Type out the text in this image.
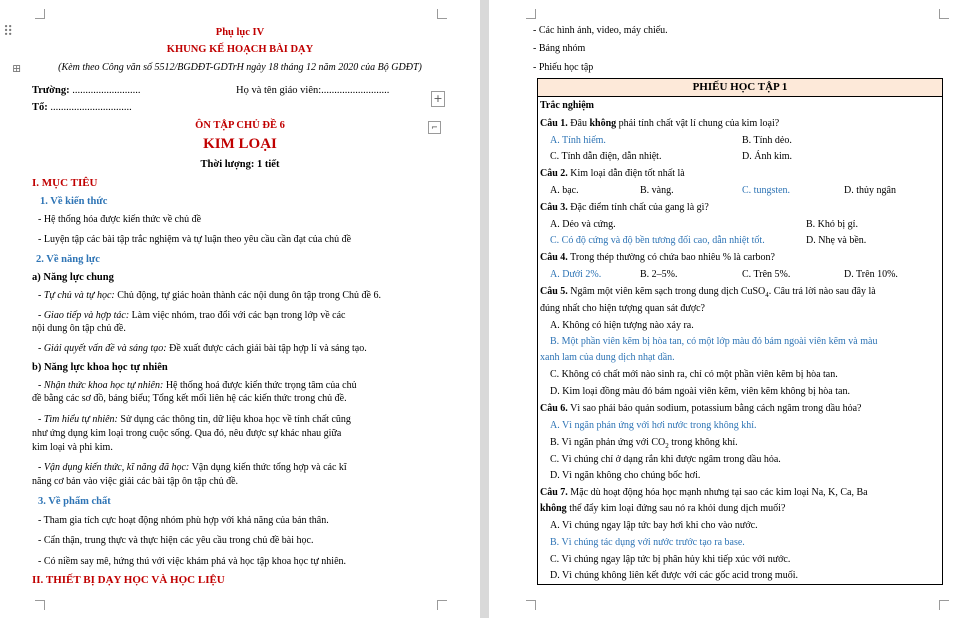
⠿
⊞
+
⌐
Phụ lục IV
KHUNG KẾ HOẠCH BÀI DẠY
(Kèm theo Công văn số 5512/BGDĐT-GDTrH ngày 18 tháng 12 năm 2020 của Bộ GDĐT)
Trường: ..........................	Họ và tên giáo viên:..........................
Tổ: ...............................
ÔN TẬP CHỦ ĐỀ 6
KIM LOẠI
Thời lượng: 1 tiết
I. MỤC TIÊU
1. Về kiến thức
- Hệ thống hóa được kiến thức về chủ đề
- Luyện tập các bài tập trắc nghiệm và tự luận theo yêu cầu cần đạt của chủ đề
2. Về năng lực
a) Năng lực chung
- Tự chủ và tự học: Chủ động, tự giác hoàn thành các nội dung ôn tập trong Chủ đề 6.
- Giao tiếp và hợp tác: Làm việc nhóm, trao đổi với các bạn trong lớp về các
nội dung ôn tập chủ đề.
- Giải quyết vấn đề và sáng tạo: Đề xuất được cách giải bài tập hợp lí và sáng tạo.
b) Năng lực khoa học tự nhiên
- Nhận thức khoa học tự nhiên: Hệ thống hoá được kiến thức trọng tâm của chủ
đề bằng các sơ đồ, bảng biểu; Tổng kết mối liên hệ các kiến thức trong chủ đề.
- Tìm hiểu tự nhiên: Sử dụng các thông tin, dữ liệu khoa học về tính chất cũng
như ứng dụng kim loại trong cuộc sống. Qua đó, nêu được sự khác nhau giữa
kim loại và phi kim.
- Vận dụng kiến thức, kĩ năng đã học: Vận dụng kiến thức tổng hợp và các kĩ
năng cơ bản vào việc giải các bài tập ôn tập chủ đề.
3. Về phẩm chất
- Tham gia tích cực hoạt động nhóm phù hợp với khả năng của bản thân.
- Cẩn thận, trung thực và thực hiện các yêu cầu trong chủ đề bài học.
- Có niềm say mê, hứng thú với việc khám phá và học tập khoa học tự nhiên.
II. THIẾT BỊ DẠY HỌC VÀ HỌC LIỆU
- Các hình ảnh, video, máy chiếu.
- Bảng nhóm
- Phiếu học tập
PHIẾU HỌC TẬP 1
Trắc nghiệm
Câu 1. Đâu không phải tính chất vật lí chung của kim loại?
A. Tính hiếm.	B. Tính dẻo.
C. Tính dẫn điện, dẫn nhiệt.	D. Ánh kim.
Câu 2. Kim loại dẫn điện tốt nhất là
A. bạc.	B. vàng.	C. tungsten.	D. thủy ngân
Câu 3. Đặc điểm tính chất của gang là gì?
A. Dẻo và cứng.	B. Khó bị gỉ.
C. Có độ cứng và độ bền tương đối cao, dẫn nhiệt tốt.	D. Nhẹ và bền.
Câu 4. Trong thép thường có chứa bao nhiêu % là carbon?
A. Dưới 2%.	B. 2–5%.	C. Trên 5%.	D. Trên 10%.
Câu 5. Ngâm một viên kẽm sạch trong dung dịch CuSO$_4$. Câu trả lời nào sau đây là
đúng nhất cho hiện tượng quan sát được?
A. Không có hiện tượng nào xảy ra.
B. Một phần viên kẽm bị hòa tan, có một lớp màu đỏ bám ngoài viên kẽm và màu
xanh lam của dung dịch nhạt dần.
C. Không có chất mới nào sinh ra, chỉ có một phần viên kẽm bị hòa tan.
D. Kim loại đồng màu đỏ bám ngoài viên kẽm, viên kẽm không bị hòa tan.
Câu 6. Vì sao phải bảo quản sodium, potassium bằng cách ngâm trong dầu hỏa?
A. Vì ngăn phản ứng với hơi nước trong không khí.
B. Vì ngăn phản ứng với $CO_2$ trong không khí.
C. Vì chúng chỉ ở dạng rắn khi được ngâm trong dầu hỏa.
D. Vì ngăn không cho chúng bốc hơi.
Câu 7. Mặc dù hoạt động hóa học mạnh nhưng tại sao các kim loại Na, K, Ca, Ba
không thể đẩy kim loại đứng sau nó ra khỏi dung dịch muối?
A. Vì chúng ngay lập tức bay hơi khi cho vào nước.
B. Vì chúng tác dụng với nước trước tạo ra base.
C. Vì chúng ngay lập tức bị phân hủy khi tiếp xúc với nước.
D. Vì chúng không liên kết được với các gốc acid trong muối.
